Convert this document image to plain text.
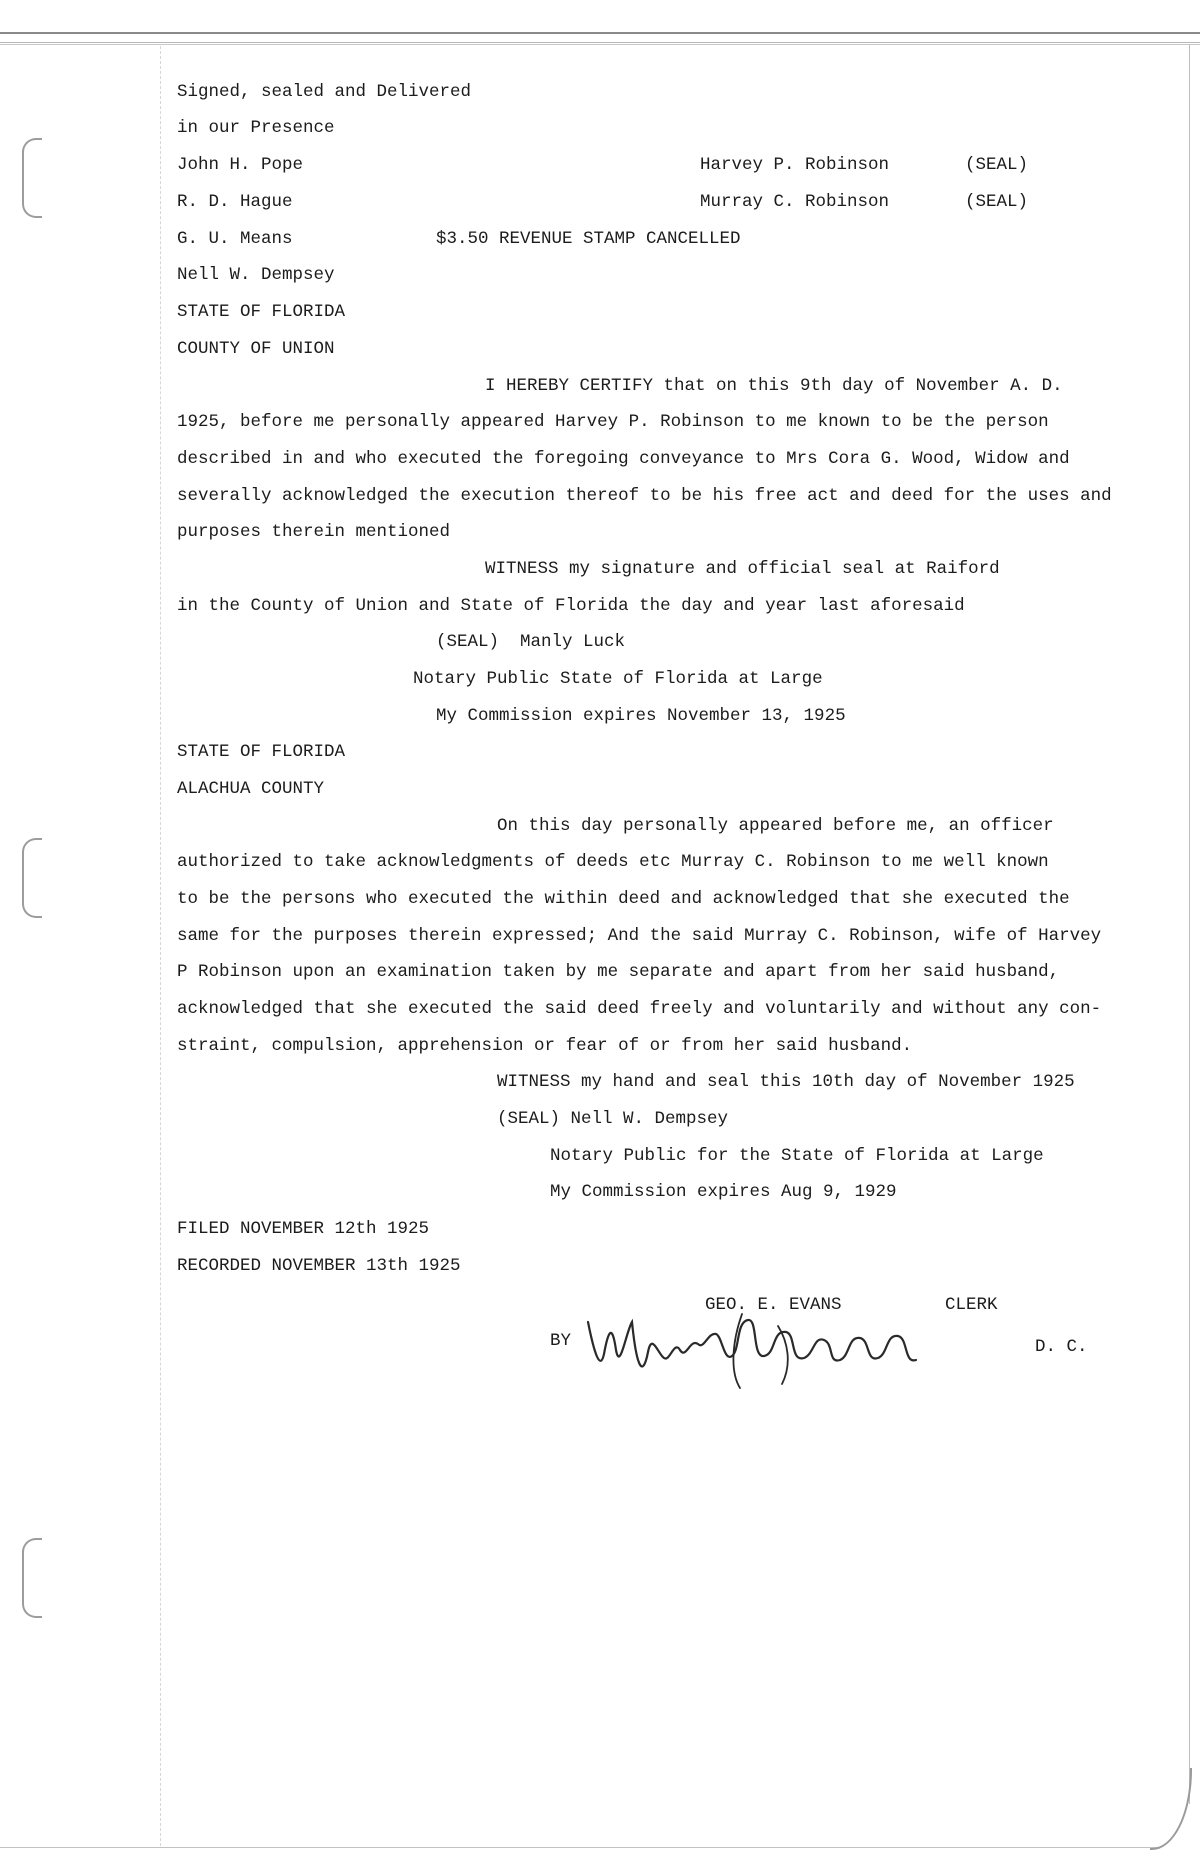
Signed, sealed and Delivered
in our Presence
John H. Pope
R. D. Hague
G. U. Means
Nell W. Dempsey
Harvey P. Robinson	(SEAL)
Murray C. Robinson	(SEAL)
$3.50 REVENUE STAMP CANCELLED
STATE OF FLORIDA
COUNTY OF UNION
I HEREBY CERTIFY that on this 9th day of November A. D.
1925, before me personally appeared Harvey P. Robinson to me known to be the person
described in and who executed the foregoing conveyance to Mrs Cora G. Wood, Widow and
severally acknowledged the execution thereof to be his free act and deed for the uses and
purposes therein mentioned
WITNESS my signature and official seal at Raiford
in the County of Union and State of Florida the day and year last aforesaid
(SEAL)  Manly Luck
Notary Public State of Florida at Large
My Commission expires November 13, 1925
STATE OF FLORIDA
ALACHUA COUNTY
On this day personally appeared before me, an officer
authorized to take acknowledgments of deeds etc Murray C. Robinson to me well known
to be the persons who executed the within deed and acknowledged that she executed the
same for the purposes therein expressed; And the said Murray C. Robinson, wife of Harvey
P Robinson upon an examination taken by me separate and apart from her said husband,
acknowledged that she executed the said deed freely and voluntarily and without any con-
straint, compulsion, apprehension or fear of or from her said husband.
WITNESS my hand and seal this 10th day of November 1925
(SEAL) Nell W. Dempsey
Notary Public for the State of Florida at Large
My Commission expires Aug 9, 1929
FILED NOVEMBER 12th 1925
RECORDED NOVEMBER 13th 1925
GEO. E. EVANS	CLERK
BY	D. C.
